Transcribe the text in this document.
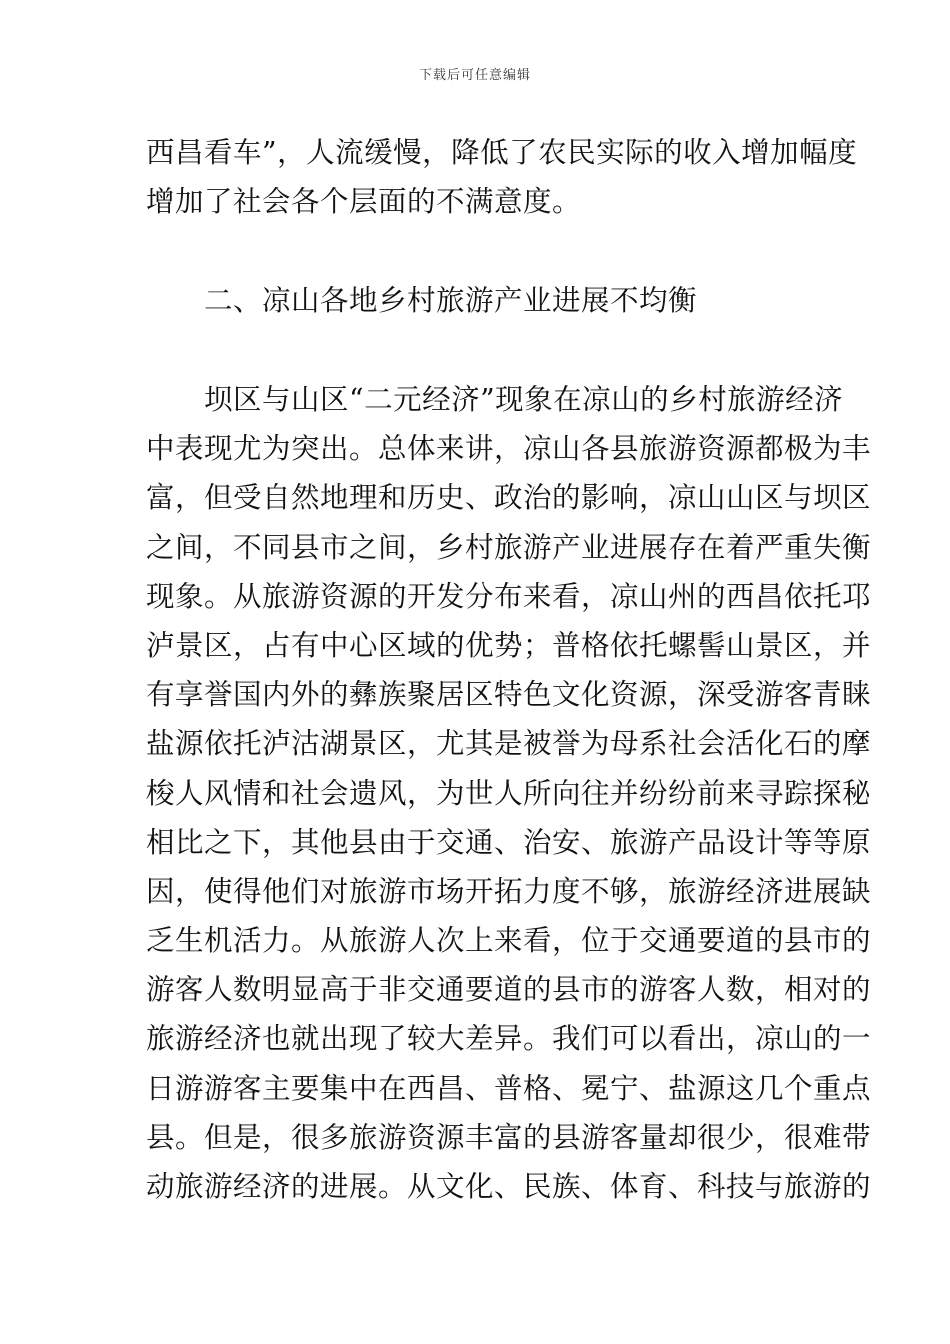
下载后可任意编辑
西昌看车”，人流缓慢，降低了农民实际的收入增加幅度
增加了社会各个层面的不满意度。
　　二、凉山各地乡村旅游产业进展不均衡
　　坝区与山区“二元经济”现象在凉山的乡村旅游经济
中表现尤为突出。总体来讲，凉山各县旅游资源都极为丰
富，但受自然地理和历史、政治的影响，凉山山区与坝区
之间，不同县市之间，乡村旅游产业进展存在着严重失衡
现象。从旅游资源的开发分布来看，凉山州的西昌依托邛
泸景区，占有中心区域的优势；普格依托螺髻山景区，并
有享誉国内外的彝族聚居区特色文化资源，深受游客青睐
盐源依托泸沽湖景区，尤其是被誉为母系社会活化石的摩
梭人风情和社会遗风，为世人所向往并纷纷前来寻踪探秘
相比之下，其他县由于交通、治安、旅游产品设计等等原
因，使得他们对旅游市场开拓力度不够，旅游经济进展缺
乏生机活力。从旅游人次上来看，位于交通要道的县市的
游客人数明显高于非交通要道的县市的游客人数，相对的
旅游经济也就出现了较大差异。我们可以看出，凉山的一
日游游客主要集中在西昌、普格、冕宁、盐源这几个重点
县。但是，很多旅游资源丰富的县游客量却很少，很难带
动旅游经济的进展。从文化、民族、体育、科技与旅游的
